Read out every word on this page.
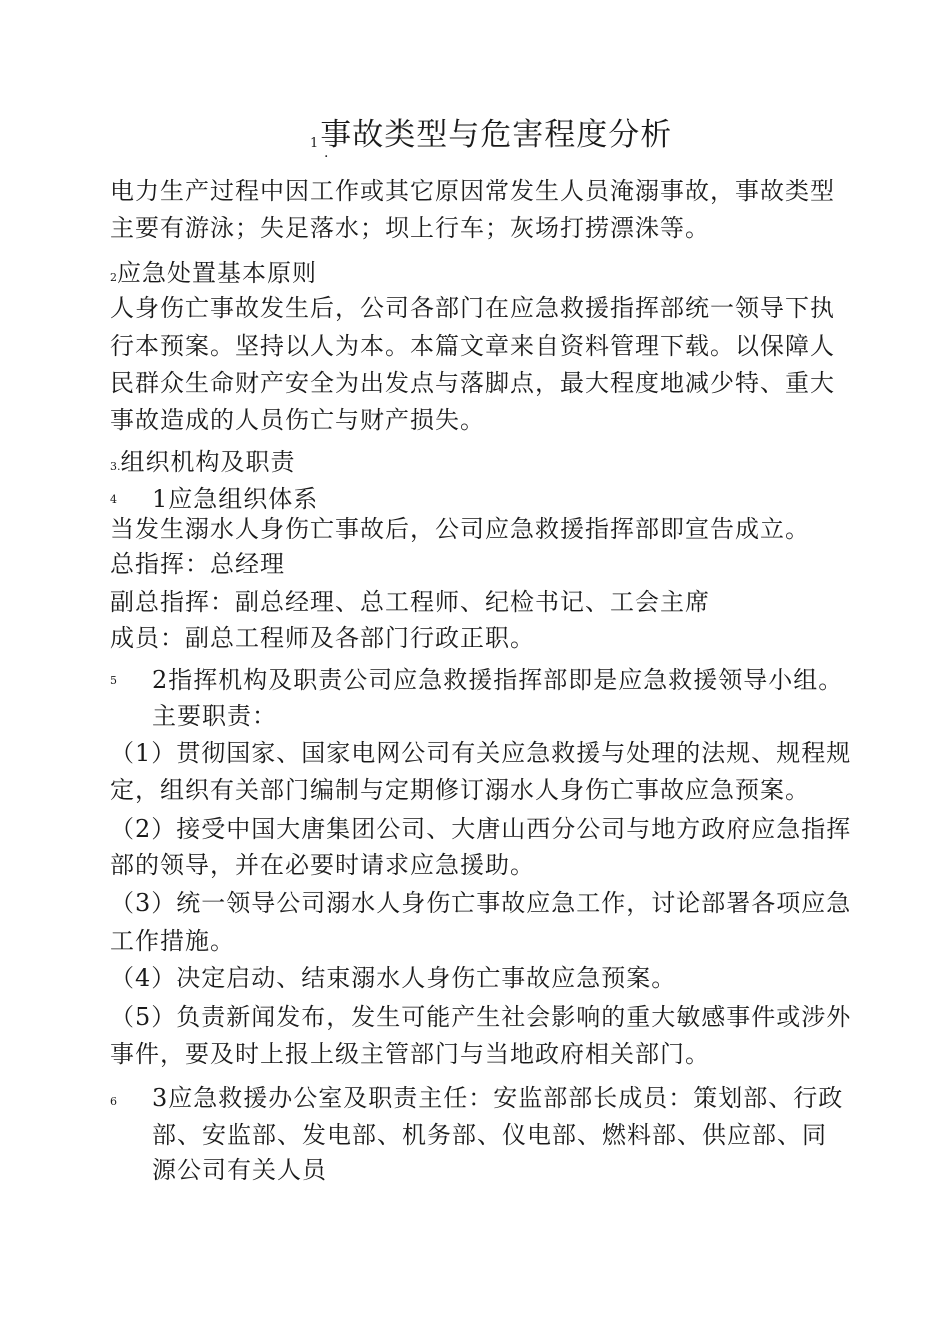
1事故类型与危害程度分析
·
电力生产过程中因工作或其它原因常发生人员淹溺事故，事故类型
主要有游泳；失足落水；坝上行车；灰场打捞漂洙等。
2应急处置基本原则
人身伤亡事故发生后，公司各部门在应急救援指挥部统一领导下执
行本预案。坚持以人为本。本篇文章来自资料管理下载。以保障人
民群众生命财产安全为出发点与落脚点，最大程度地减少特、重大
事故造成的人员伤亡与财产损失。
3.组织机构及职责
4 1应急组织体系
当发生溺水人身伤亡事故后，公司应急救援指挥部即宣告成立。
总指挥：总经理
副总指挥：副总经理、总工程师、纪检书记、工会主席
成员：副总工程师及各部门行政正职。
5 2指挥机构及职责公司应急救援指挥部即是应急救援领导小组。
主要职责：
（1）贯彻国家、国家电网公司有关应急救援与处理的法规、规程规
定，组织有关部门编制与定期修订溺水人身伤亡事故应急预案。
（2）接受中国大唐集团公司、大唐山西分公司与地方政府应急指挥
部的领导，并在必要时请求应急援助。
（3）统一领导公司溺水人身伤亡事故应急工作，讨论部署各项应急
工作措施。
（4）决定启动、结束溺水人身伤亡事故应急预案。
（5）负责新闻发布，发生可能产生社会影响的重大敏感事件或涉外
事件，要及时上报上级主管部门与当地政府相关部门。
6 3应急救援办公室及职责主任：安监部部长成员：策划部、行政
部、安监部、发电部、机务部、仪电部、燃料部、供应部、同
源公司有关人员
